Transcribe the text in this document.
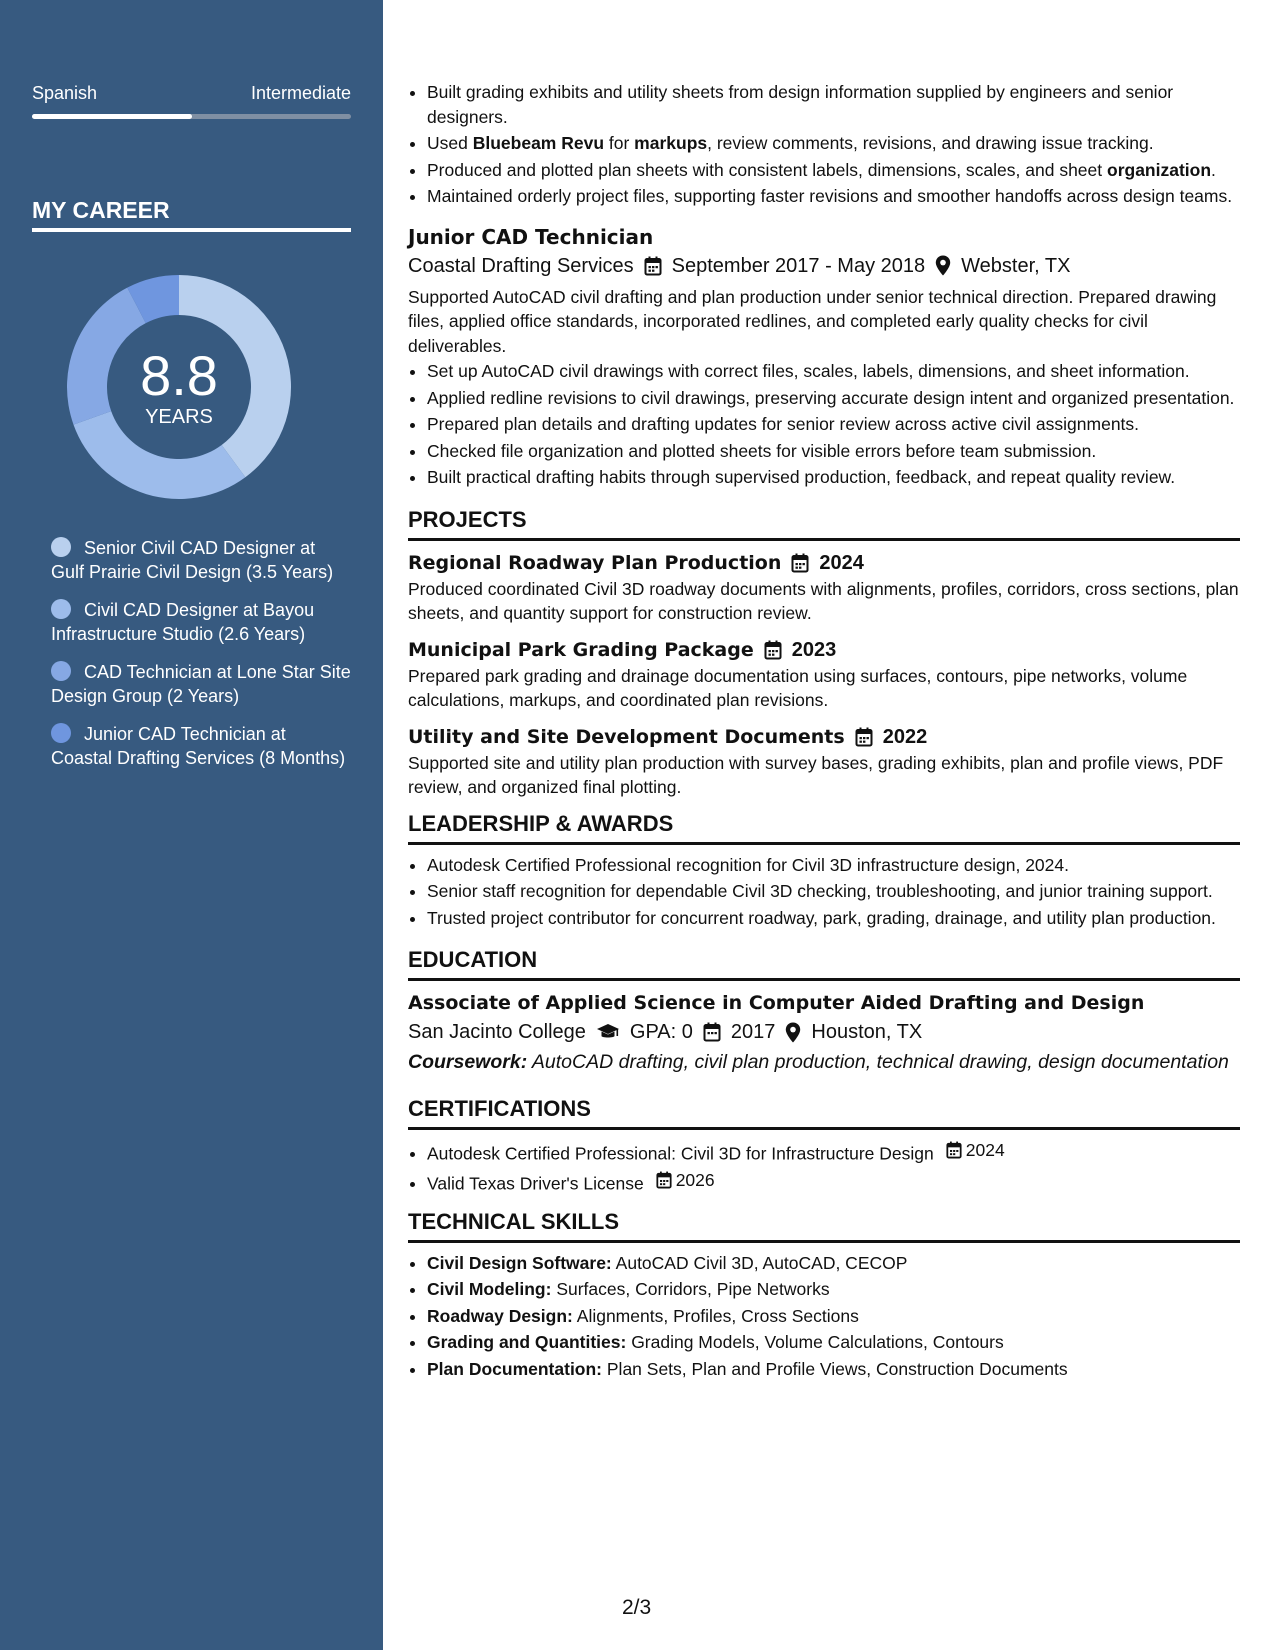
Spanish	Intermediate
MY CAREER
8.8
YEARS
Senior Civil CAD Designer at Gulf Prairie Civil Design (3.5 Years)
Civil CAD Designer at Bayou Infrastructure Studio (2.6 Years)
CAD Technician at Lone Star Site Design Group (2 Years)
Junior CAD Technician at Coastal Drafting Services (8 Months)
• Built grading exhibits and utility sheets from design information supplied by engineers and senior designers.
• Used Bluebeam Revu for markups, review comments, revisions, and drawing issue tracking.
• Produced and plotted plan sheets with consistent labels, dimensions, scales, and sheet organization.
• Maintained orderly project files, supporting faster revisions and smoother handoffs across design teams.
Junior CAD Technician
Coastal Drafting Services September 2017 - May 2018 Webster, TX
Supported AutoCAD civil drafting and plan production under senior technical direction. Prepared drawing files, applied office standards, incorporated redlines, and completed early quality checks for civil deliverables.
• Set up AutoCAD civil drawings with correct files, scales, labels, dimensions, and sheet information.
• Applied redline revisions to civil drawings, preserving accurate design intent and organized presentation.
• Prepared plan details and drafting updates for senior review across active civil assignments.
• Checked file organization and plotted sheets for visible errors before team submission.
• Built practical drafting habits through supervised production, feedback, and repeat quality review.
PROJECTS
Regional Roadway Plan Production 2024
Produced coordinated Civil 3D roadway documents with alignments, profiles, corridors, cross sections, plan sheets, and quantity support for construction review.
Municipal Park Grading Package 2023
Prepared park grading and drainage documentation using surfaces, contours, pipe networks, volume calculations, markups, and coordinated plan revisions.
Utility and Site Development Documents 2022
Supported site and utility plan production with survey bases, grading exhibits, plan and profile views, PDF review, and organized final plotting.
LEADERSHIP & AWARDS
• Autodesk Certified Professional recognition for Civil 3D infrastructure design, 2024.
• Senior staff recognition for dependable Civil 3D checking, troubleshooting, and junior training support.
• Trusted project contributor for concurrent roadway, park, grading, drainage, and utility plan production.
EDUCATION
Associate of Applied Science in Computer Aided Drafting and Design
San Jacinto College GPA: 0 2017 Houston, TX
Coursework: AutoCAD drafting, civil plan production, technical drawing, design documentation
CERTIFICATIONS
• Autodesk Certified Professional: Civil 3D for Infrastructure Design 2024
• Valid Texas Driver's License 2026
TECHNICAL SKILLS
• Civil Design Software: AutoCAD Civil 3D, AutoCAD, CECOP
• Civil Modeling: Surfaces, Corridors, Pipe Networks
• Roadway Design: Alignments, Profiles, Cross Sections
• Grading and Quantities: Grading Models, Volume Calculations, Contours
• Plan Documentation: Plan Sets, Plan and Profile Views, Construction Documents
2/3
